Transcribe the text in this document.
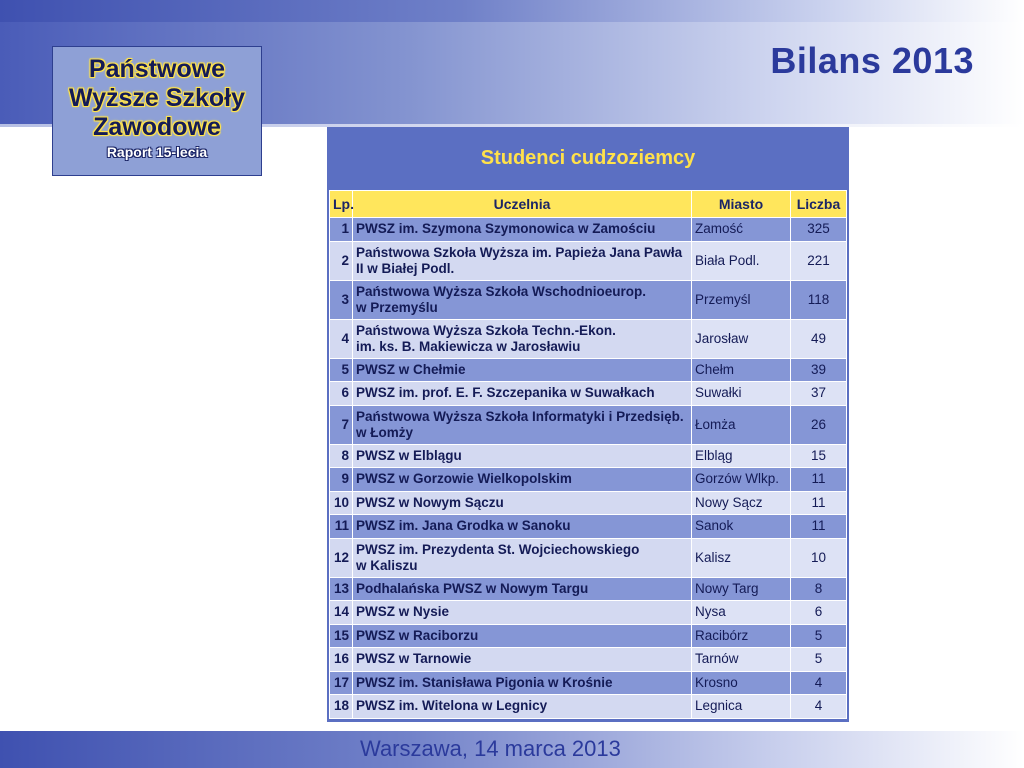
Państwowe
Wyższe Szkoły
Zawodowe
Raport 15-lecia
Bilans 2013
Studenci cudzoziemcy
Lp.	Uczelnia	Miasto	Liczba
1	PWSZ im. Szymona Szymonowica w Zamościu	Zamość	325
2	Państwowa Szkoła Wyższa im. Papieża Jana Pawła
II w Białej Podl.	Biała Podl.	221
3	Państwowa Wyższa Szkoła Wschodnioeurop.
w Przemyślu	Przemyśl	118
4	Państwowa Wyższa Szkoła Techn.-Ekon.
im. ks. B. Makiewicza w Jarosławiu	Jarosław	49
5	PWSZ w Chełmie	Chełm	39
6	PWSZ im. prof. E. F. Szczepanika w Suwałkach	Suwałki	37
7	Państwowa Wyższa Szkoła Informatyki i Przedsięb.
w Łomży	Łomża	26
8	PWSZ w Elblągu	Elbląg	15
9	PWSZ w Gorzowie Wielkopolskim	Gorzów Wlkp.	11
10	PWSZ w Nowym Sączu	Nowy Sącz	11
11	PWSZ im. Jana Grodka w Sanoku	Sanok	11
12	PWSZ im. Prezydenta St. Wojciechowskiego
w Kaliszu	Kalisz	10
13	Podhalańska PWSZ w Nowym Targu	Nowy Targ	8
14	PWSZ w Nysie	Nysa	6
15	PWSZ w Raciborzu	Racibórz	5
16	PWSZ w Tarnowie	Tarnów	5
17	PWSZ im. Stanisława Pigonia w Krośnie	Krosno	4
18	PWSZ im. Witelona w Legnicy	Legnica	4
Warszawa, 14 marca 2013
